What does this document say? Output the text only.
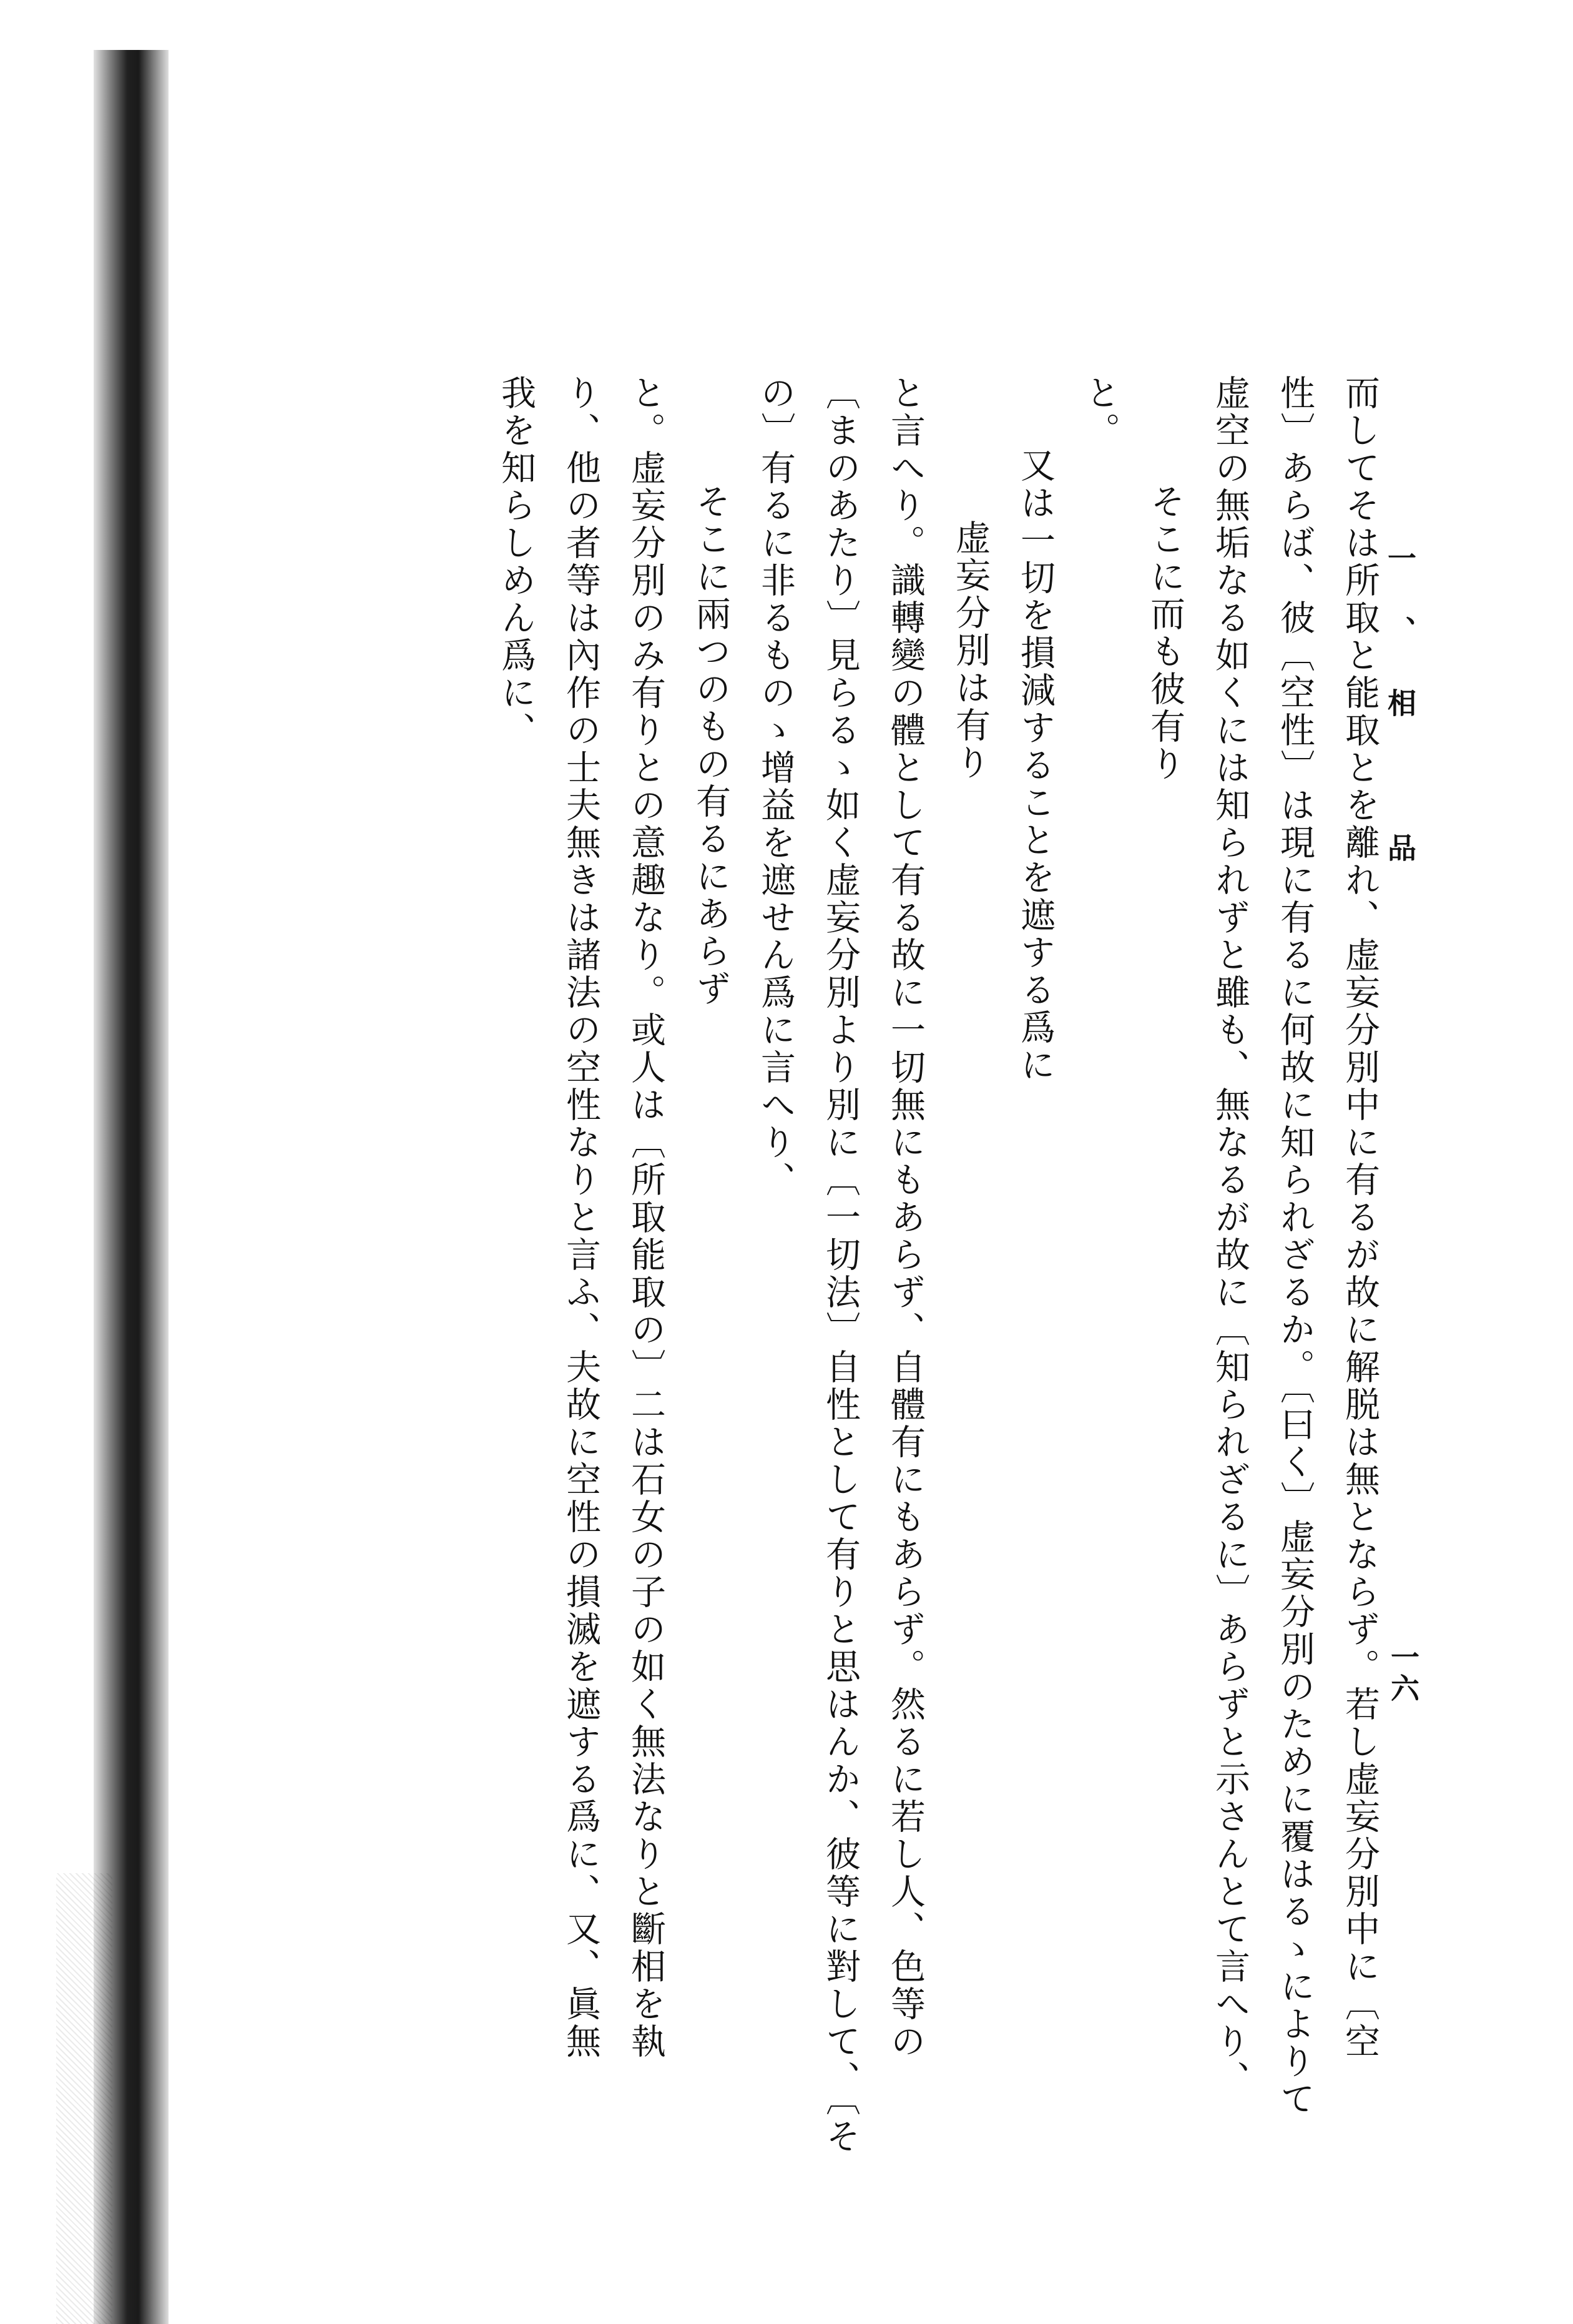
一、相　品
一六
而してそは所取と能取とを離れ、虚妄分別中に有るが故に解脱は無とならず。若し虚妄分別中に〔空
性〕あらば、彼〔空性〕は現に有るに何故に知られざるか。〔曰く〕虚妄分別のために覆はるゝによりて
虚空の無垢なる如くには知られずと雖も、無なるが故に〔知られざるに〕あらずと示さんとて言へり、
そこに而も彼有り
と。
又は一切を損減することを遮する爲に
虚妄分別は有り
と言へり。識轉變の體として有る故に一切無にもあらず、自體有にもあらず。然るに若し人、色等の
〔まのあたり〕見らるゝ如く虚妄分別より別に〔一切法〕自性として有りと思はんか、彼等に對して、〔そ
の〕有るに非るものゝ增益を遮せん爲に言へり、
そこに兩つのもの有るにあらず
と。虚妄分別のみ有りとの意趣なり。或人は〔所取能取の〕二は石女の子の如く無法なりと斷相を執
り、他の者等は內作の士夫無きは諸法の空性なりと言ふ、夫故に空性の損滅を遮する爲に、又、眞無
我を知らしめん爲に、
